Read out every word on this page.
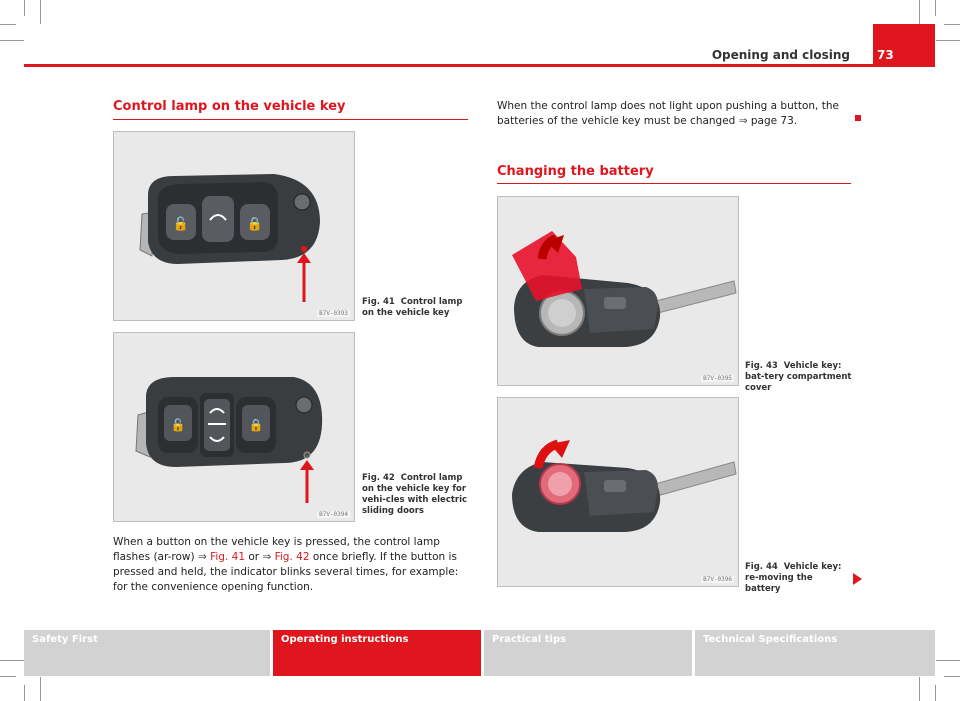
Opening and closing 73
Control lamp on the vehicle key
🔓	🔒
B7V-0393
Fig. 41 Control lamp on the vehicle key
🔓	🔒
B7V-0394
Fig. 42 Control lamp on the vehicle key for vehi-cles with electric sliding doors
When a button on the vehicle key is pressed, the control lamp flashes (ar-row) ⇒ Fig. 41 or ⇒ Fig. 42 once briefly. If the button is pressed and held, the indicator blinks several times, for example: for the convenience opening function.
When the control lamp does not light upon pushing a button, the batteries of the vehicle key must be changed ⇒ page 73.
Changing the battery
B7V-0395
Fig. 43 Vehicle key: bat-tery compartment cover
B7V-0396
Fig. 44 Vehicle key: re-moving the battery
Safety First	Operating instructions	Practical tips	Technical Specifications
